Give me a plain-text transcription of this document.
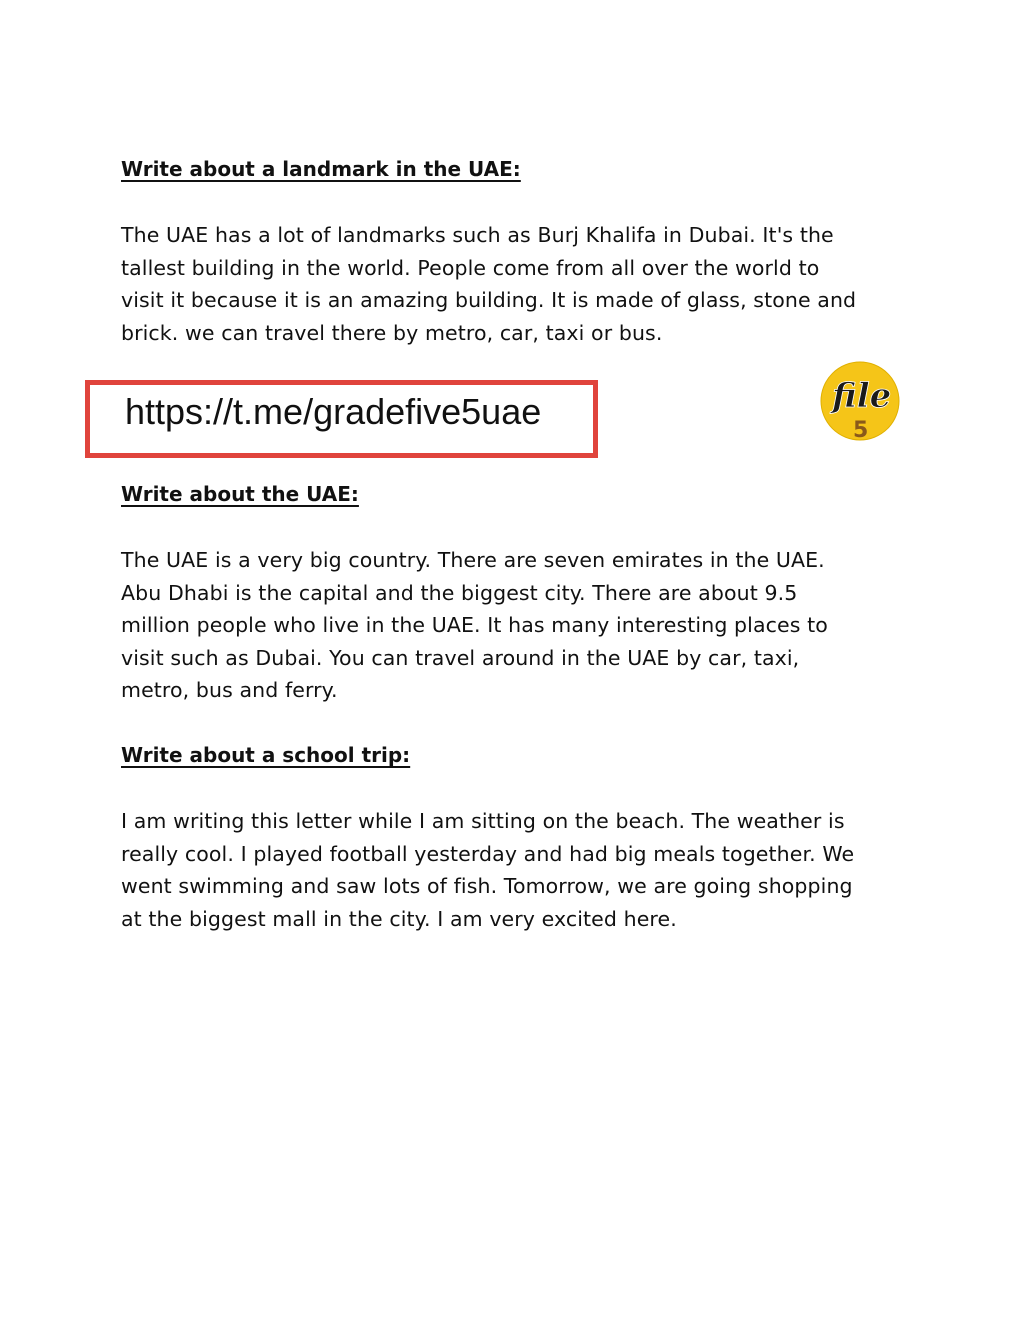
Write about a landmark in the UAE:
The UAE has a lot of landmarks such as Burj Khalifa in Dubai. It's the
tallest building in the world. People come from all over the world to
visit it because it is an amazing building. It is made of glass, stone and
brick. we can travel there by metro, car, taxi or bus.
https://t.me/gradefive5uae	file
5
Write about the UAE:
The UAE is a very big country. There are seven emirates in the UAE.
Abu Dhabi is the capital and the biggest city. There are about 9.5
million people who live in the UAE. It has many interesting places to
visit such as Dubai. You can travel around in the UAE by car, taxi,
metro, bus and ferry.
Write about a school trip:
I am writing this letter while I am sitting on the beach. The weather is
really cool. I played football yesterday and had big meals together. We
went swimming and saw lots of fish. Tomorrow, we are going shopping
at the biggest mall in the city. I am very excited here.
